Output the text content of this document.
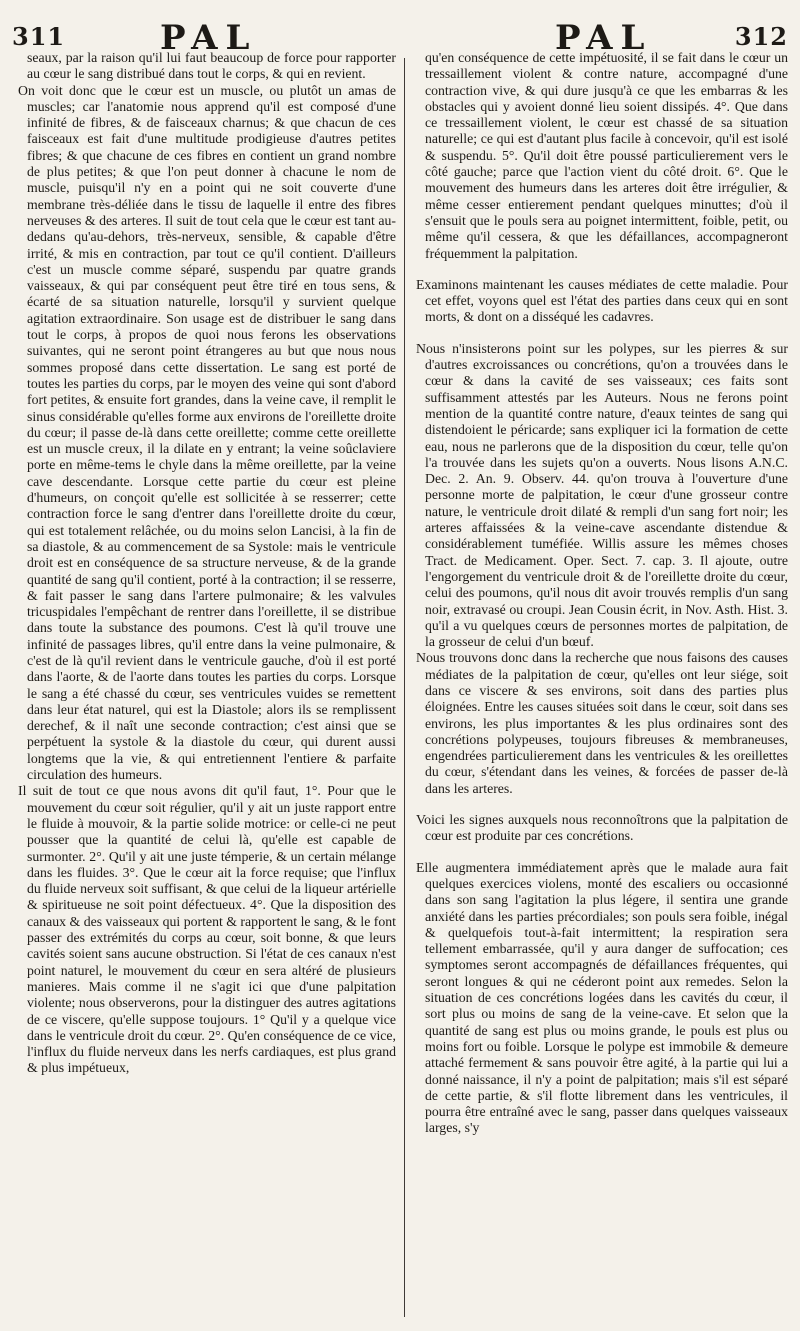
311	PAL	PAL	312

seaux, par la raison qu'il lui faut beaucoup de force pour rapporter au cœur le sang distribué dans tout le corps, & qui en revient.

On voit donc que le cœur est un muscle, ou plutôt un amas de muscles; car l'anatomie nous apprend qu'il est composé d'une infinité de fibres, & de faisceaux charnus; & que chacun de ces faisceaux est fait d'une multitude prodigieuse d'autres petites fibres; & que chacune de ces fibres en contient un grand nombre de plus petites; & que l'on peut donner à chacune le nom de muscle, puisqu'il n'y en a point qui ne soit couverte d'une membrane très-déliée dans le tissu de laquelle il entre des fibres nerveuses & des arteres. Il suit de tout cela que le cœur est tant au-dedans qu'au-dehors, très-nerveux, sensible, & capable d'être irrité, & mis en contraction, par tout ce qu'il contient. D'ailleurs c'est un muscle comme séparé, suspendu par quatre grands vaisseaux, & qui par conséquent peut être tiré en tous sens, & écarté de sa situation naturelle, lorsqu'il y survient quelque agitation extraordinaire. Son usage est de distribuer le sang dans tout le corps, à propos de quoi nous ferons les observations suivantes, qui ne seront point étrangeres au but que nous nous sommes proposé dans cette dissertation. Le sang est porté de toutes les parties du corps, par le moyen des veine qui sont d'abord fort petites, & ensuite fort grandes, dans la veine cave, il remplit le sinus considérable qu'elles forme aux environs de l'oreillette droite du cœur; il passe de-là dans cette oreillette; comme cette oreillette est un muscle creux, il la dilate en y entrant; la veine soûclaviere porte en même-tems le chyle dans la même oreillette, par la veine cave descendante. Lorsque cette partie du cœur est pleine d'humeurs, on conçoit qu'elle est sollicitée à se resserrer; cette contraction force le sang d'entrer dans l'oreillette droite du cœur, qui est totalement relâchée, ou du moins selon Lancisi, à la fin de sa diastole, & au commencement de sa Systole: mais le ventricule droit est en conséquence de sa structure nerveuse, & de la grande quantité de sang qu'il contient, porté à la contraction; il se resserre, & fait passer le sang dans l'artere pulmonaire; & les valvules tricuspidales l'empêchant de rentrer dans l'oreillette, il se distribue dans toute la substance des poumons. C'est là qu'il trouve une infinité de passages libres, qu'il entre dans la veine pulmonaire, & c'est de là qu'il revient dans le ventricule gauche, d'où il est porté dans l'aorte, & de l'aorte dans toutes les parties du corps. Lorsque le sang a été chassé du cœur, ses ventricules vuides se remettent dans leur état naturel, qui est la Diastole; alors ils se remplissent derechef, & il naît une seconde contraction; c'est ainsi que se perpétuent la systole & la diastole du cœur, qui durent aussi longtems que la vie, & qui entretiennent l'entiere & parfaite circulation des humeurs.

Il suit de tout ce que nous avons dit qu'il faut, 1°. Pour que le mouvement du cœur soit régulier, qu'il y ait un juste rapport entre le fluide à mouvoir, & la partie solide motrice: or celle-ci ne peut pousser que la quantité de celui là, qu'elle est capable de surmonter. 2°. Qu'il y ait une juste témperie, & un certain mélange dans les fluides. 3°. Que le cœur ait la force requise; que l'influx du fluide nerveux soit suffisant, & que celui de la liqueur artérielle & spiritueuse ne soit point défectueux. 4°. Que la disposition des canaux & des vaisseaux qui portent & rapportent le sang, & le font passer des extrémités du corps au cœur, soit bonne, & que leurs cavités soient sans aucune obstruction. Si l'état de ces canaux n'est point naturel, le mouvement du cœur en sera altéré de plusieurs manieres. Mais comme il ne s'agit ici que d'une palpitation violente; nous observerons, pour la distinguer des autres agitations de ce viscere, qu'elle suppose toujours. 1° Qu'il y a quelque vice dans le ventricule droit du cœur. 2°. Qu'en conséquence de ce vice, l'influx du fluide nerveux dans les nerfs cardiaques, est plus grand & plus impétueux,

qu'en conséquence de cette impétuosité, il se fait dans le cœur un tressaillement violent & contre nature, accompagné d'une contraction vive, & qui dure jusqu'à ce que les embarras & les obstacles qui y avoient donné lieu soient dissipés. 4°. Que dans ce tressaillement violent, le cœur est chassé de sa situation naturelle; ce qui est d'autant plus facile à concevoir, qu'il est isolé & suspendu. 5°. Qu'il doit être poussé particulierement vers le côté gauche; parce que l'action vient du côté droit. 6°. Que le mouvement des humeurs dans les arteres doit être irrégulier, & même cesser entierement pendant quelques minuttes; d'où il s'ensuit que le pouls sera au poignet intermittent, foible, petit, ou même qu'il cessera, & que les défaillances, accompagneront fréquemment la palpitation.

Examinons maintenant les causes médiates de cette maladie. Pour cet effet, voyons quel est l'état des parties dans ceux qui en sont morts, & dont on a disséqué les cadavres.

Nous n'insisterons point sur les polypes, sur les pierres & sur d'autres excroissances ou concrétions, qu'on a trouvées dans le cœur & dans la cavité de ses vaisseaux; ces faits sont suffisamment attestés par les Auteurs. Nous ne ferons point mention de la quantité contre nature, d'eaux teintes de sang qui distendoient le péricarde; sans expliquer ici la formation de cette eau, nous ne parlerons que de la disposition du cœur, telle qu'on l'a trouvée dans les sujets qu'on a ouverts. Nous lisons A.N.C. Dec. 2. An. 9. Observ. 44. qu'on trouva à l'ouverture d'une personne morte de palpitation, le cœur d'une grosseur contre nature, le ventricule droit dilaté & rempli d'un sang fort noir; les arteres affaissées & la veine-cave ascendante distendue & considérablement tuméfiée. Willis assure les mêmes choses Tract. de Medicament. Oper. Sect. 7. cap. 3. Il ajoute, outre l'engorgement du ventricule droit & de l'oreillette droite du cœur, celui des poumons, qu'il nous dit avoir trouvés remplis d'un sang noir, extravasé ou croupi. Jean Cousin écrit, in Nov. Asth. Hist. 3. qu'il a vu quelques cœurs de personnes mortes de palpitation, de la grosseur de celui d'un bœuf.

Nous trouvons donc dans la recherche que nous faisons des causes médiates de la palpitation de cœur, qu'elles ont leur siége, soit dans ce viscere & ses environs, soit dans des parties plus éloignées. Entre les causes situées soit dans le cœur, soit dans ses environs, les plus importantes & les plus ordinaires sont des concrétions polypeuses, toujours fibreuses & membraneuses, engendrées particulierement dans les ventricules & les oreillettes du cœur, s'étendant dans les veines, & forcées de passer de-là dans les arteres.

Voici les signes auxquels nous reconnoîtrons que la palpitation de cœur est produite par ces concrétions.

Elle augmentera immédiatement après que le malade aura fait quelques exercices violens, monté des escaliers ou occasionné dans son sang l'agitation la plus légere, il sentira une grande anxiété dans les parties précordiales; son pouls sera foible, inégal & quelquefois tout-à-fait intermittent; la respiration sera tellement embarrassée, qu'il y aura danger de suffocation; ces symptomes seront accompagnés de défaillances fréquentes, qui seront longues & qui ne céderont point aux remedes. Selon la situation de ces concrétions logées dans les cavités du cœur, il sort plus ou moins de sang de la veine-cave. Et selon que la quantité de sang est plus ou moins grande, le pouls est plus ou moins fort ou foible. Lorsque le polype est immobile & demeure attaché fermement & sans pouvoir être agité, à la partie qui lui a donné naissance, il n'y a point de palpitation; mais s'il est séparé de cette partie, & s'il flotte librement dans les ventricules, il pourra être entraîné avec le sang, passer dans quelques vaisseaux larges, s'y
